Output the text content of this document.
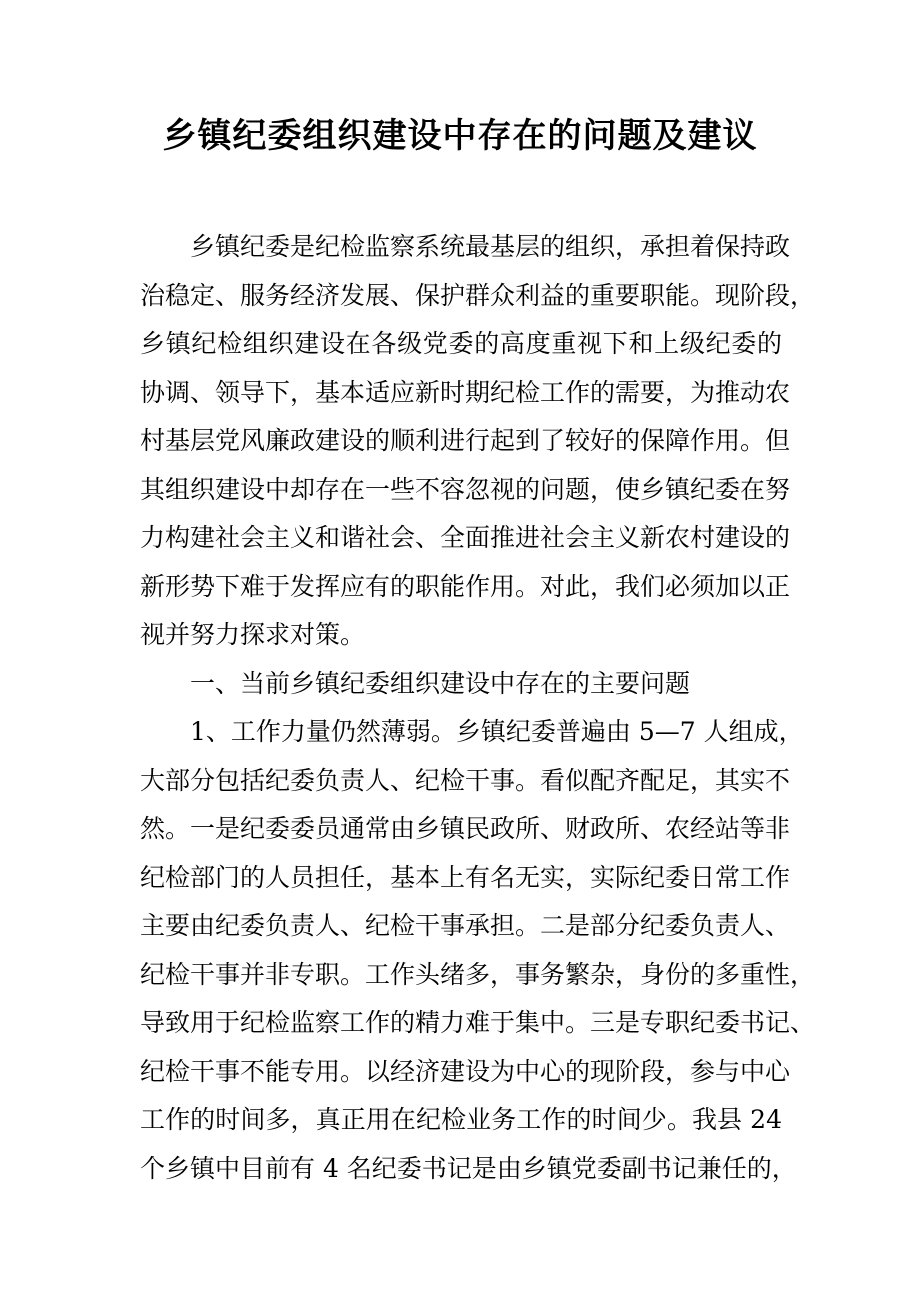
乡镇纪委组织建设中存在的问题及建议
乡镇纪委是纪检监察系统最基层的组织，承担着保持政
治稳定、服务经济发展、保护群众利益的重要职能。现阶段，
乡镇纪检组织建设在各级党委的高度重视下和上级纪委的
协调、领导下，基本适应新时期纪检工作的需要，为推动农
村基层党风廉政建设的顺利进行起到了较好的保障作用。但
其组织建设中却存在一些不容忽视的问题，使乡镇纪委在努
力构建社会主义和谐社会、全面推进社会主义新农村建设的
新形势下难于发挥应有的职能作用。对此，我们必须加以正
视并努力探求对策。
一、当前乡镇纪委组织建设中存在的主要问题
1、工作力量仍然薄弱。乡镇纪委普遍由 5—7 人组成，
大部分包括纪委负责人、纪检干事。看似配齐配足，其实不
然。一是纪委委员通常由乡镇民政所、财政所、农经站等非
纪检部门的人员担任，基本上有名无实，实际纪委日常工作
主要由纪委负责人、纪检干事承担。二是部分纪委负责人、
纪检干事并非专职。工作头绪多，事务繁杂，身份的多重性，
导致用于纪检监察工作的精力难于集中。三是专职纪委书记、
纪检干事不能专用。以经济建设为中心的现阶段，参与中心
工作的时间多，真正用在纪检业务工作的时间少。我县 24
个乡镇中目前有 4 名纪委书记是由乡镇党委副书记兼任的，
